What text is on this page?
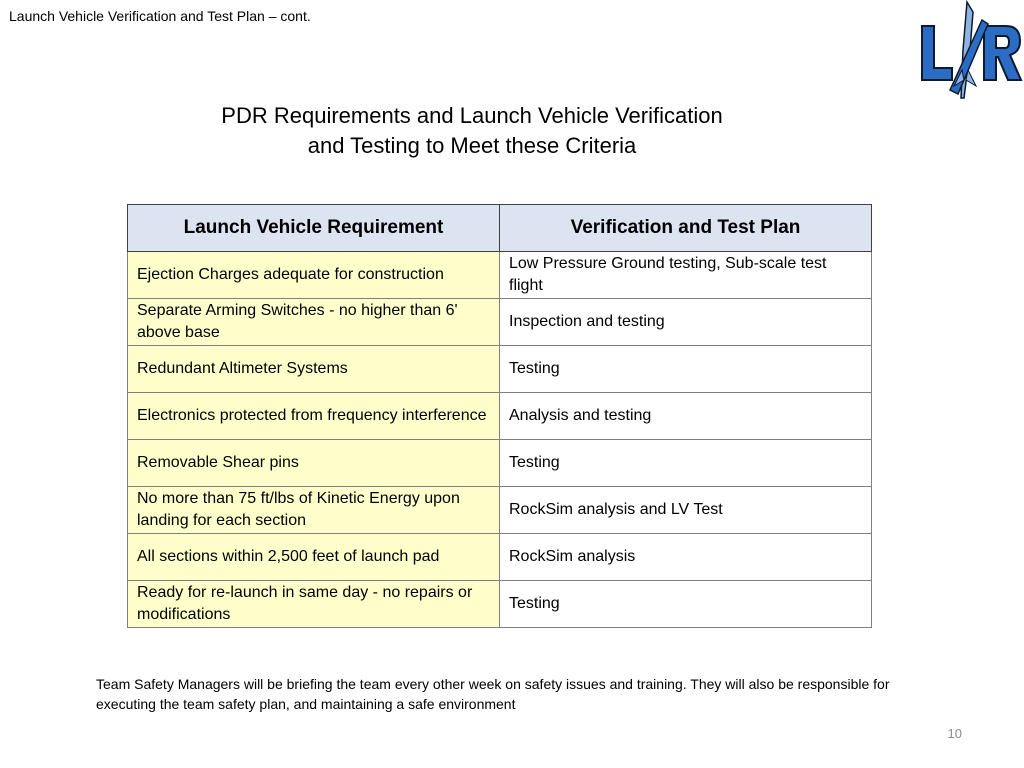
Launch Vehicle Verification and Test Plan – cont.
PDR Requirements and Launch Vehicle Verification
and Testing to Meet these Criteria
Launch Vehicle Requirement	Verification and Test Plan
Ejection Charges adequate for construction	Low Pressure Ground testing, Sub-scale test flight
Separate Arming Switches - no higher than 6' above base	Inspection and testing
Redundant Altimeter Systems	Testing
Electronics protected from frequency interference	Analysis and testing
Removable Shear pins	Testing
No more than 75 ft/lbs of Kinetic Energy upon landing for each section	RockSim analysis and LV Test
All sections within 2,500 feet of launch pad	RockSim analysis
Ready for re-launch in same day - no repairs or modifications	Testing
Team Safety Managers will be briefing the team every other week on safety issues and training. They will also be responsible for executing the team safety plan, and maintaining a safe environment
10
